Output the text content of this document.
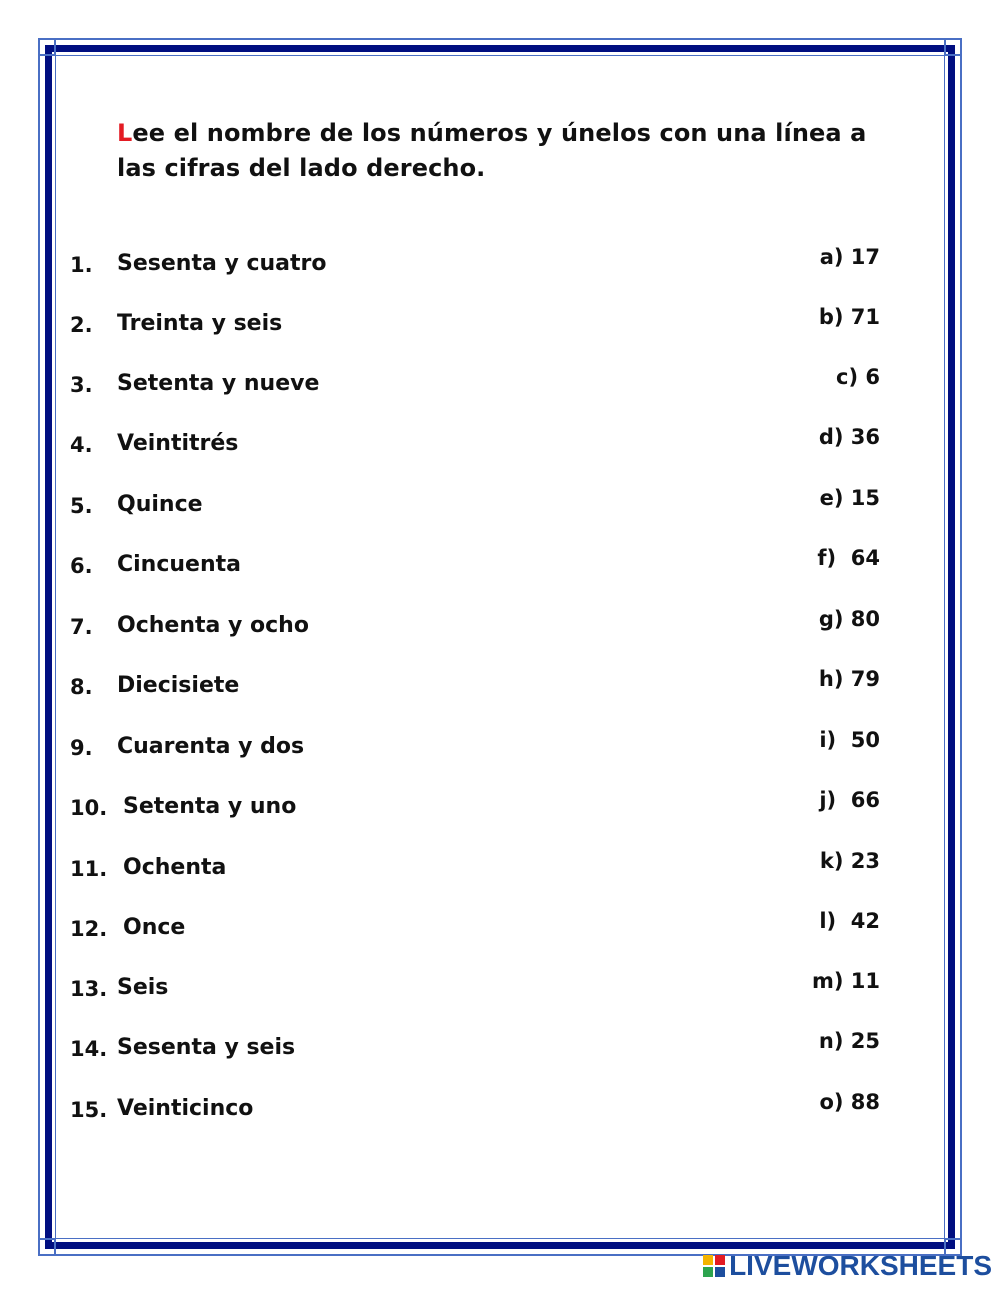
Lee el nombre de los números y únelos con una línea a las cifras del lado derecho.
1. Sesenta y cuatro	a) 17
2. Treinta y seis	b) 71
3. Setenta y nueve	c) 6
4. Veintitrés	d) 36
5. Quince	e) 15
6. Cincuenta	f)  64
7. Ochenta y ocho	g) 80
8. Diecisiete	h) 79
9. Cuarenta y dos	i)  50
10. Setenta y uno	j)  66
11. Ochenta	k) 23
12. Once	l)  42
13. Seis	m) 11
14. Sesenta y seis	n) 25
15. Veinticinco	o) 88
LIVEWORKSHEETS
